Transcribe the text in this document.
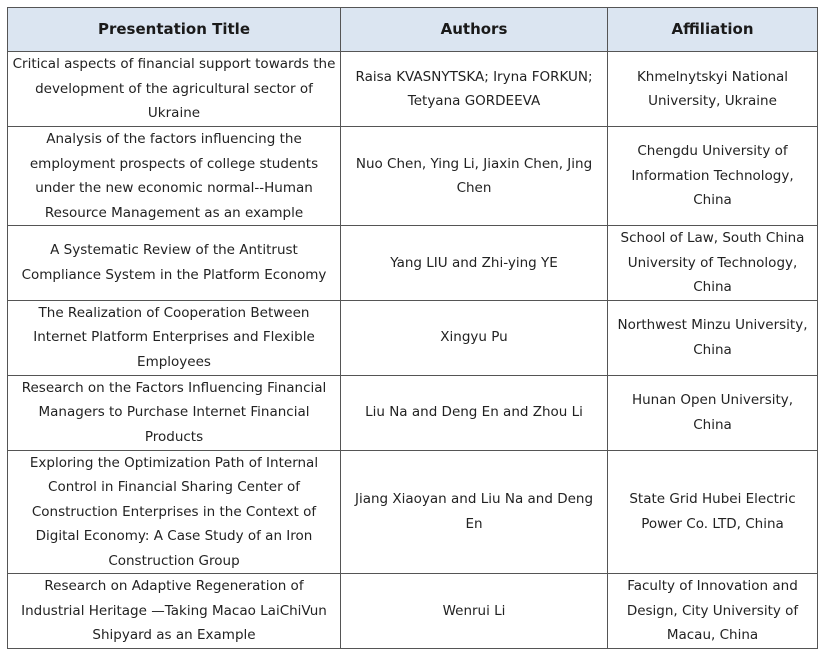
Presentation Title	Authors	Affiliation
Critical aspects of financial support towards the development of the agricultural sector of Ukraine	Raisa KVASNYTSKA; Iryna FORKUN; Tetyana GORDEEVA	Khmelnytskyi National University, Ukraine
Analysis of the factors influencing the employment prospects of college students under the new economic normal--Human Resource Management as an example	Nuo Chen, Ying Li, Jiaxin Chen, Jing Chen	Chengdu University of Information Technology, China
A Systematic Review of the Antitrust Compliance System in the Platform Economy	Yang LIU and Zhi-ying YE	School of Law, South China University of Technology, China
The Realization of Cooperation Between Internet Platform Enterprises and Flexible Employees	Xingyu Pu	Northwest Minzu University, China
Research on the Factors Influencing Financial Managers to Purchase Internet Financial Products	Liu Na and Deng En and Zhou Li	Hunan Open University, China
Exploring the Optimization Path of Internal Control in Financial Sharing Center of Construction Enterprises in the Context of Digital Economy: A Case Study of an Iron Construction Group	Jiang Xiaoyan and Liu Na and Deng En	State Grid Hubei Electric Power Co. LTD, China
Research on Adaptive Regeneration of Industrial Heritage —Taking Macao LaiChiVun Shipyard as an Example	Wenrui Li	Faculty of Innovation and Design, City University of Macau, China
